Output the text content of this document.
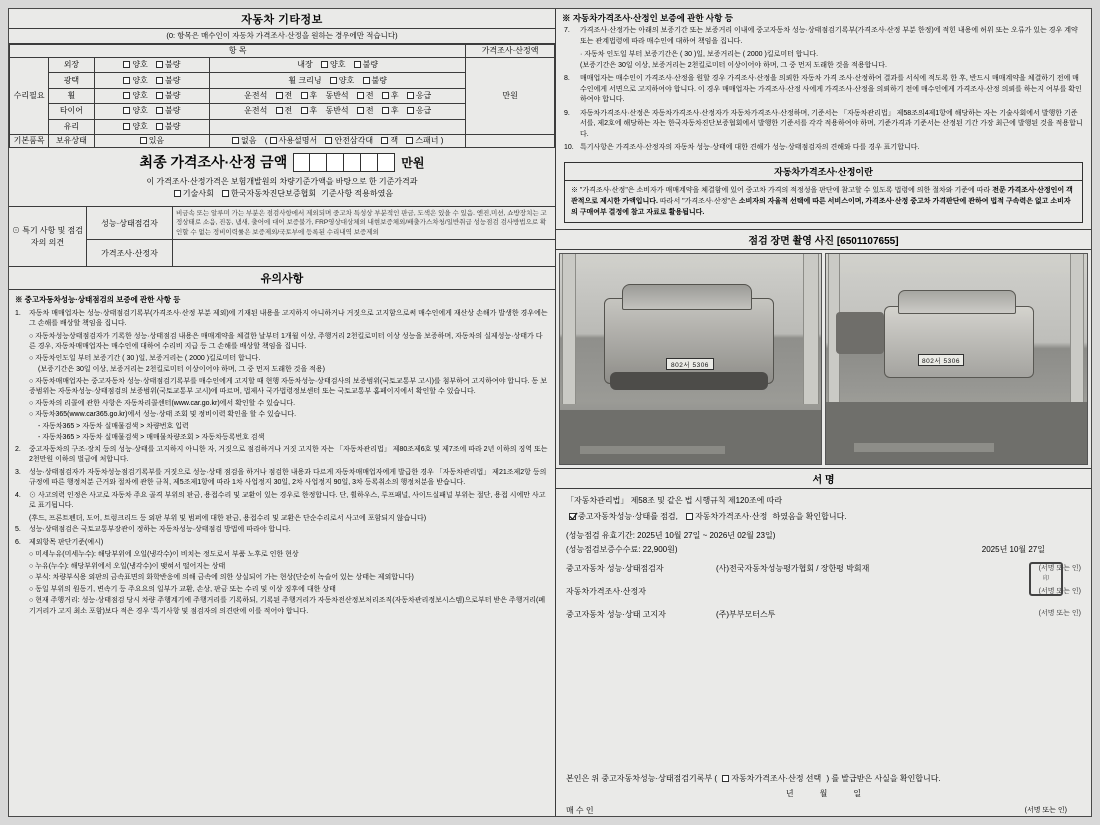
자동차 기타정보
(0: 항목은 매수인이 자동차 가격조사·산정을 원하는 경우에만 적습니다)
항 목				가격조사·산정액
수리필요	외장	양호 불량	내장 양호 불량	만원

	광택	양호 불량	휠 크리닝 양호 불량	
	휠	양호 불량	운전석 전 후 동반석 전 후 응급	
	타이어	양호 불량	운전석 전 후 동반석 전 후 응급	
	유리	양호 불량		
기본품목	보유상태	있음	없음 ( 사용설명서 안전삼각대 잭 스패너 )	
최종 가격조사·산정 금액	만원
이 가격조사·산정가격은 보험개발원의 차량기준가액을 바탕으로 한 기준가격과
기술사회 한국자동차진단보증협회 기준사항 적용하였음
⊙ 특기 사항 및 점검자의 의견
성능·상태점검자
비금속 또는 알루미 가는 부분은 점검사항에서 제외되며 중고차 특성상 부분적인 판금, 도색은 있을 수 있음. 엔진,미션, 쇼방장치는 고정상태로 소음, 진동, 냄새, 출어에 대어 보증불가, FRP영상대상체외 내현보증체외/배출가스차청/일반취급 성능점검 검사방법으로 확인할 수 없는 정비이력률은 보증제외/국토부에 등록된 수리내역 보증제외
가격조사·산정자
유의사항
※ 중고자동차성능·상태점검의 보증에 관한 사항 등
1.	자동차 매매업자는 성능·상태점검기록부(가격조사·산정 부분 제외)에 기재된 내용을 고지하지 아니하거나 거짓으로 고지함으로써 매수인에게 재산상 손해가 발생한 경우에는 그 손해를 배상할 책임을 집니다.
○ 자동차성능상태점검자가 기록한 성능·상태점검 내용은 매매계약을 체결한 날부터 1개월 이상, 주행거리 2천킬로미터 이상 성능을 보증하며, 자동차의 실제성능·상태가 다른 경우, 자동차매매업자는 매수인에 대하여 수리비 지급 등 그 손해를 배상할 책임을 집니다.
○ 자동차인도일 부터 보증기간 ( 30 )일, 보증거리는 ( 2000 )킬로미터 합니다.
(보증기간은 30일 이상, 보증거리는 2천킬로미터 이상이어야 하며, 그 중 먼저 도래한 것을 적용)
○ 자동차매매업자는 중고자동차 성능·상태점검기록부를 매수인에게 고지할 때 현행 자동차성능·상태검사의 보증범위(국토교통부 고시)를 첨부하여 고지하여야 합니다. 동 보증범위는 자동차성능·상태점검의 보증범위(국토교통부 고시)에 따르며, 법제사 국가법령정보센터 또는 국토교통부 홈페이지에서 확인할 수 있습니다.
○ 자동차의 리콜에 관한 사항은 자동차리콜센터(www.car.go.kr)에서 확인할 수 있습니다.
○ 자동차365(www.car365.go.kr)에서 성능·상태 조회 및 정비이력 확인을 할 수 있습니다.
- 자동차365 > 자동차 실매물검색 > 차량번호 입력
- 자동차365 > 자동차 실매물검색 > 매매물차량조회 > 자동차등록번호 검색
2.	중고자동차의 구조·장치 등의 성능·상태를 고지하지 아니한 자, 거짓으로 점검하거나 거짓 고지한 자는 「자동차관리법」 제80조제6호 및 제7조에 따라 2년 이하의 징역 또는 2천만원 이하의 벌금에 처합니다.
3.	성능·상태점검자가 자동차성능점검기록부를 거짓으로 성능·상태 점검을 하거나 점검한 내용과 다르게 자동차매매업자에게 발급한 경우 「자동차관리법」 제21조제2항 등의 규정에 따른 행정처분 근거와 절차에 관한 규칙, 제5조제1항에 따라 1차 사업정지 30일, 2차 사업정지 90일, 3차 등록취소의 행정처분을 받습니다.
4.	⊙ 사고의력 인정은 사고로 자동차 주요 골격 부위의 판금, 용접수리 및 교환이 있는 경우로 한정합니다. 단, 휠하우스, 루프패널, 사이드실패널 부위는 절단, 용접 시에만 사고로 표기됩니다.
(후드, 프론트펜더, 도어, 트렁크리드 등 외판 부위 및 범퍼에 대한 판금, 용접수리 및 교환은 단순수리로서 사고에 포함되지 않습니다)
5.	성능·상태점검은 국토교통부장관이 정하는 자동차성능·상태점검 방법에 따라야 합니다.
6.	제외항목 판단기준(예시)
○ 미세누유(미세누수): 해당부위에 오일(냉각수)이 비치는 정도로서 부품 노후로 인한 현상
○ 누유(누수): 해당부위에서 오일(냉각수)이 맺혀서 떨어지는 상태
○ 부식: 차량부식용 외판의 금속표면의 화학반응에 의해 금속에 의한 상실되어 가는 현상(단순히 녹슬어 있는 상태는 제외합니다)
○ 동일 부위의 원동기, 변속기 등 주요요의 일부가 교환, 손상, 판금 또는 수리 및 이상 징후에 대한 상태
○ 현재 주행거리: 성능·상태점검 당시 차량 주행계기에 주행거리를 기록하되, 기록된 주행거리가 자동차전산정보처리조직(자동차관리정보시스템)으로부터 받은 주행거리(폐기거리가 고지 최소 포함)보다 적은 경우 '특기사항 및 점검자의 의견란에 이를 적어야 합니다.
※ 자동차가격조사·산정인 보증에 관한 사항 등
7.	가격조사·산정가는 아래의 보증기간 또는 보증거리 이내에 중고자동차 성능·상태점검기록부(가격조사·산정 부분 한정)에 적힌 내용에 허위 또는 오류가 있는 경우 계약 또는 관계법령에 따라 매수인에 대하여 책임을 집니다.
· 자동차 인도일 부터 보증기간은 ( 30 )일, 보증거리는 ( 2000 )킬로미터 합니다.
(보증기간은 30일 이상, 보증거리는 2천킬로미터 이상이어야 하며, 그 중 먼저 도래한 것을 적용합니다.
8.	매매업자는 매수인이 가격조사·산정을 원할 경우 가격조사·산정을 의뢰한 자동차 가격 조사·산정하여 결과를 서식에 적도록 한 후, 반드시 매매계약을 체결하기 전에 매수인에게 서면으로 고지하여야 합니다. 이 경우 매매업자는 가격조사·산정 사에게 가격조사·산정을 의뢰하기 전에 매수인에게 가격조사·산정 의뢰를 하는지 여부를 확인하여야 합니다.
9.	자동차가격조사·산정은 자동차가격조사·산정자가 자동차가격조사·산정하며, 기준서는 「자동차관리법」 제58조의4제1항에 해당하는 자는 기술사회에서 발행한 기준서를, 제2호에 해당하는 자는 한국자동차진단보증협회에서 발행한 기준서를 각각 적용하여야 하며, 기준가격과 기준서는 산정된 기간 가장 최근에 발행된 것을 적용합니다.
10. 특기사항은 가격조사·산정자의 자동차 성능·상태에 대한 견해가 성능·상태점검자의 견해와 다를 경우 표기합니다.
자동차가격조사·산정이란
※ "가격조사·산정"은 소비자가 매매계약을 체결함에 있어 중고차 가격의 적정성을 판단에 참고할 수 있도록 법령에 의한 절차와 기준에 따라 전문 가격조사·산정인이 객관적으로 제시한 가액입니다. 따라서 "가격조사·산정"은 소비자의 자율적 선택에 따른 서비스이며, 가격조사·산정 중고차 가격판단에 관하여 법적 구속력은 없고 소비자의 구매여부 결정에 참고 자료로 활용됩니다.
점검 장면 촬영 사진 [6501107655]
802서 5306
802서 5306
서 명
「자동차관리법」 제58조 및 같은 법 시행규칙 제120조에 따라
중고자동차성능·상태를 점검, 자동차가격조사·산정 하였음을 확인합니다.
(성능점검 유효기간: 2025년 10월 27일 ~ 2026년 02월 23일)
(성능점검보증수수료: 22,900원)	2025년 10월 27일
중고자동차 성능·상태점검자	(사)전국자동차성능평가협회 / 장한평 박회재	(서명 또는 인)
印
자동차가격조사·산정자	(서명 또는 인)
중고자동차 성능·상태 고지자	(주)부부모터스투	(서명 또는 인)
본인은 위 중고자동차성능·상태점검기록부 ( 자동차가격조사·산정 선택 ) 를 발급받은 사실을 확인합니다.
년	월	일
매 수 인	(서명 또는 인)
